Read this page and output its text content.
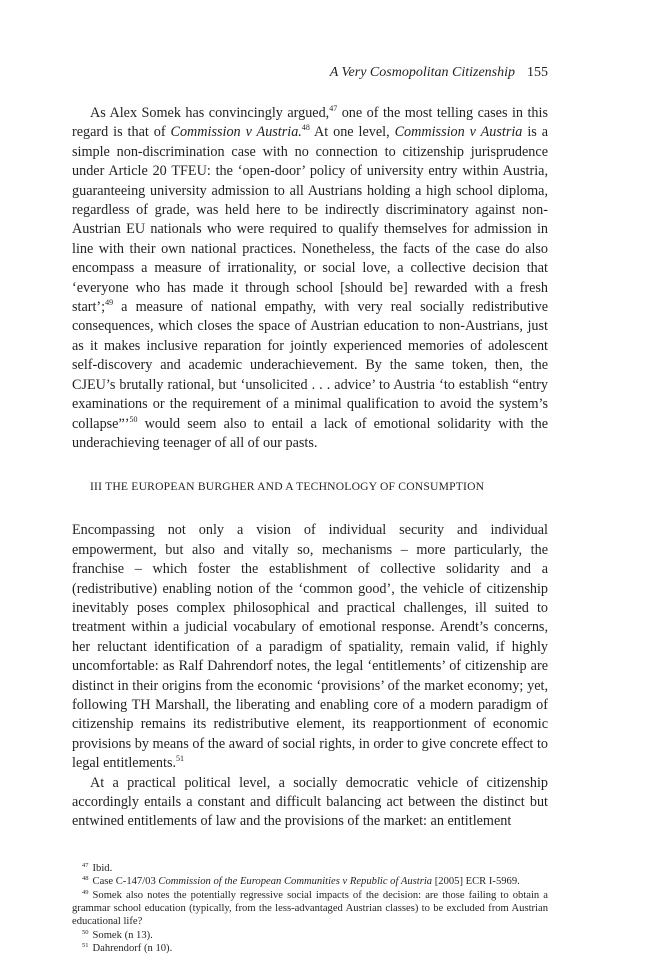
A Very Cosmopolitan Citizenship 155

As Alex Somek has convincingly argued,$^{47}$ one of the most telling cases in this regard is that of Commission v Austria.$^{48}$ At one level, Commission v Austria is a simple non-discrimination case with no connection to citizenship jurisprudence under Article 20 TFEU: the ‘open-door’ policy of university entry within Austria, guaranteeing university admission to all Austrians holding a high school diploma, regardless of grade, was held here to be indirectly discriminatory against non-Austrian EU nationals who were required to qualify themselves for admission in line with their own national practices. Nonetheless, the facts of the case do also encompass a measure of irrationality, or social love, a collective decision that ‘everyone who has made it through school [should be] rewarded with a fresh start’;$^{49}$ a measure of national empathy, with very real socially redistributive consequences, which closes the space of Austrian education to non-Austrians, just as it makes inclusive reparation for jointly experienced memories of adolescent self-discovery and academic underachievement. By the same token, then, the CJEU’s brutally rational, but ‘unsolicited . . . advice’ to Austria ‘to establish “entry examinations or the requirement of a minimal qualification to avoid the system’s collapse”’$^{50}$ would seem also to entail a lack of emotional solidarity with the underachieving teenager of all of our pasts.

III THE EUROPEAN BURGHER AND A TECHNOLOGY OF CONSUMPTION

Encompassing not only a vision of individual security and individual empowerment, but also and vitally so, mechanisms – more particularly, the franchise – which foster the establishment of collective solidarity and a (redistributive) enabling notion of the ‘common good’, the vehicle of citizenship inevitably poses complex philosophical and practical challenges, ill suited to treatment within a judicial vocabulary of emotional response. Arendt’s concerns, her reluctant identification of a paradigm of spatiality, remain valid, if highly uncomfortable: as Ralf Dahrendorf notes, the legal ‘entitlements’ of citizenship are distinct in their origins from the economic ‘provisions’ of the market economy; yet, following TH Marshall, the liberating and enabling core of a modern paradigm of citizenship remains its redistributive element, its reapportionment of economic provisions by means of the award of social rights, in order to give concrete effect to legal entitlements.$^{51}$

At a practical political level, a socially democratic vehicle of citizenship accordingly entails a constant and difficult balancing act between the distinct but entwined entitlements of law and the provisions of the market: an entitlement

$^{47}$ Ibid.

$^{48}$ Case C-147/03 Commission of the European Communities v Republic of Austria [2005] ECR I-5969.

$^{49}$ Somek also notes the potentially regressive social impacts of the decision: are those failing to obtain a grammar school education (typically, from the less-advantaged Austrian classes) to be excluded from Austrian educational life?

$^{50}$ Somek (n 13).

$^{51}$ Dahrendorf (n 10).
